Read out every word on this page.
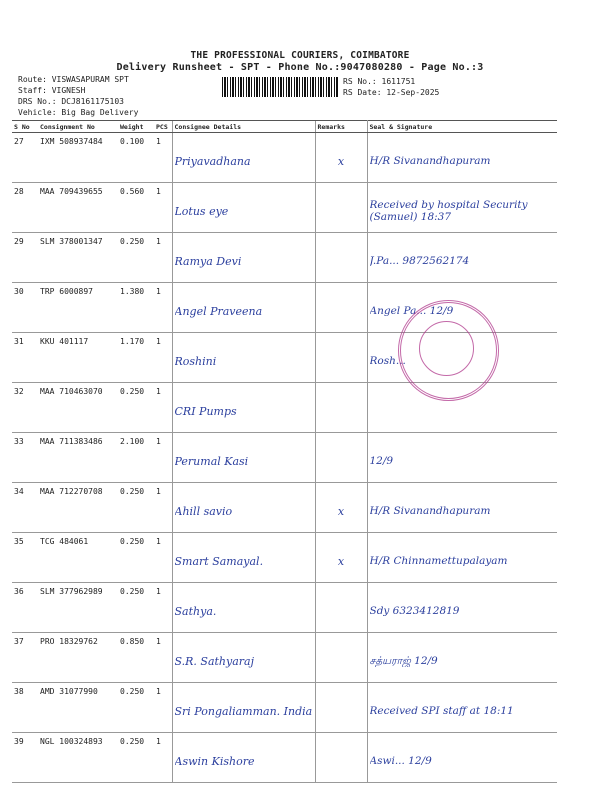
THE PROFESSIONAL COURIERS, COIMBATORE
Delivery Runsheet - SPT - Phone No.:9047080280 - Page No.:3
Route: VISWASAPURAM SPT
Staff: VIGNESH
DRS No.: DCJ8161175103
Vehicle: Big Bag Delivery
RS No.: 1611751
RS Date: 12-Sep-2025
S No	Consignment No	Weight	PCS	Consignee Details	Remarks	Seal & Signature
27	IXM 508937484	0.100	1	Priyavadhana	x	H/R Sivanandhapuram

28	MAA 709439655	0.560	1	Lotus eye		Received by hospital Security (Samuel) 18:37

29	SLM 378001347	0.250	1	Ramya Devi		J.Pa... 9872562174

30	TRP 6000897	1.380	1	Angel Praveena		Angel Pa... 12/9

31	KKU 401117	1.170	1	Roshini		Rosh...

32	MAA 710463070	0.250	1	CRI Pumps		

33	MAA 711383486	2.100	1	Perumal Kasi		12/9

34	MAA 712270708	0.250	1	Ahill savio	x	H/R Sivanandhapuram

35	TCG 484061	0.250	1	Smart Samayal.	x	H/R Chinnamettupalayam

36	SLM 377962989	0.250	1	Sathya.		Sdy 6323412819

37	PRO 18329762	0.850	1	S.R. Sathyaraj		சத்யராஜ் 12/9

38	AMD 31077990	0.250	1	Sri Pongaliamman. India		Received SPI staff at 18:11

39	NGL 100324893	0.250	1	Aswin Kishore		Aswi... 12/9
